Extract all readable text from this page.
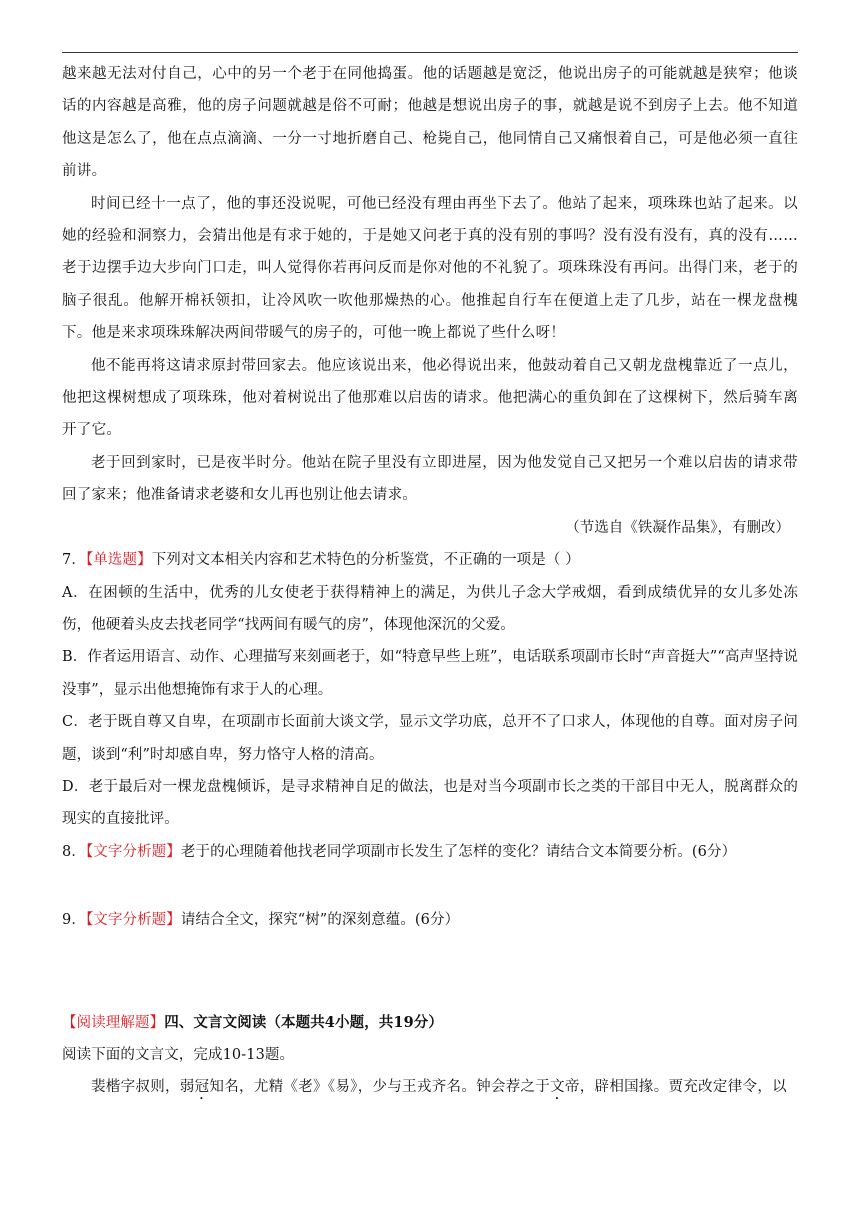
越来越无法对付自己，心中的另一个老于在同他捣蛋。他的话题越是宽泛，他说出房子的可能就越是狭窄；他谈话的内容越是高雅，他的房子问题就越是俗不可耐；他越是想说出房子的事，就越是说不到房子上去。他不知道他这是怎么了，他在点点滴滴、一分一寸地折磨自己、枪毙自己，他同情自己又痛恨着自己，可是他必须一直往前讲。

时间已经十一点了，他的事还没说呢，可他已经没有理由再坐下去了。他站了起来，项珠珠也站了起来。以她的经验和洞察力，会猜出他是有求于她的，于是她又问老于真的没有别的事吗？没有没有没有，真的没有……老于边摆手边大步向门口走，叫人觉得你若再问反而是你对他的不礼貌了。项珠珠没有再问。出得门来，老于的脑子很乱。他解开棉袄领扣，让冷风吹一吹他那燥热的心。他推起自行车在便道上走了几步，站在一棵龙盘槐下。他是来求项珠珠解决两间带暖气的房子的，可他一晚上都说了些什么呀！

他不能再将这请求原封带回家去。他应该说出来，他必得说出来，他鼓动着自己又朝龙盘槐靠近了一点儿，他把这棵树想成了项珠珠，他对着树说出了他那难以启齿的请求。他把满心的重负卸在了这棵树下，然后骑车离开了它。

老于回到家时，已是夜半时分。他站在院子里没有立即进屋，因为他发觉自己又把另一个难以启齿的请求带回了家来；他准备请求老婆和女儿再也别让他去请求。

（节选自《铁凝作品集》，有删改）

7．【单选题】下列对文本相关内容和艺术特色的分析鉴赏，不正确的一项是（ ）

A．在困顿的生活中，优秀的儿女使老于获得精神上的满足，为供儿子念大学戒烟，看到成绩优异的女儿多处冻伤，他硬着头皮去找老同学“找两间有暖气的房”，体现他深沉的父爱。

B．作者运用语言、动作、心理描写来刻画老于，如“特意早些上班”，电话联系项副市长时“声音挺大”“高声坚持说没事”，显示出他想掩饰有求于人的心理。

C．老于既自尊又自卑，在项副市长面前大谈文学，显示文学功底，总开不了口求人，体现他的自尊。面对房子问题，谈到“利”时却感自卑，努力恪守人格的清高。

D．老于最后对一棵龙盘槐倾诉，是寻求精神自足的做法，也是对当今项副市长之类的干部目中无人，脱离群众的现实的直接批评。

8．【文字分析题】老于的心理随着他找老同学项副市长发生了怎样的变化？请结合文本简要分析。(6分）

9．【文字分析题】请结合全文，探究“树”的深刻意蕴。(6分）

【阅读理解题】四、文言文阅读（本题共4小题，共19分）

阅读下面的文言文，完成10-13题。

裴楷字叔则，弱冠知名，尤精《老》《易》，少与王戎齐名。钟会荐之于文帝，辟相国掾。贾充改定律令，以
